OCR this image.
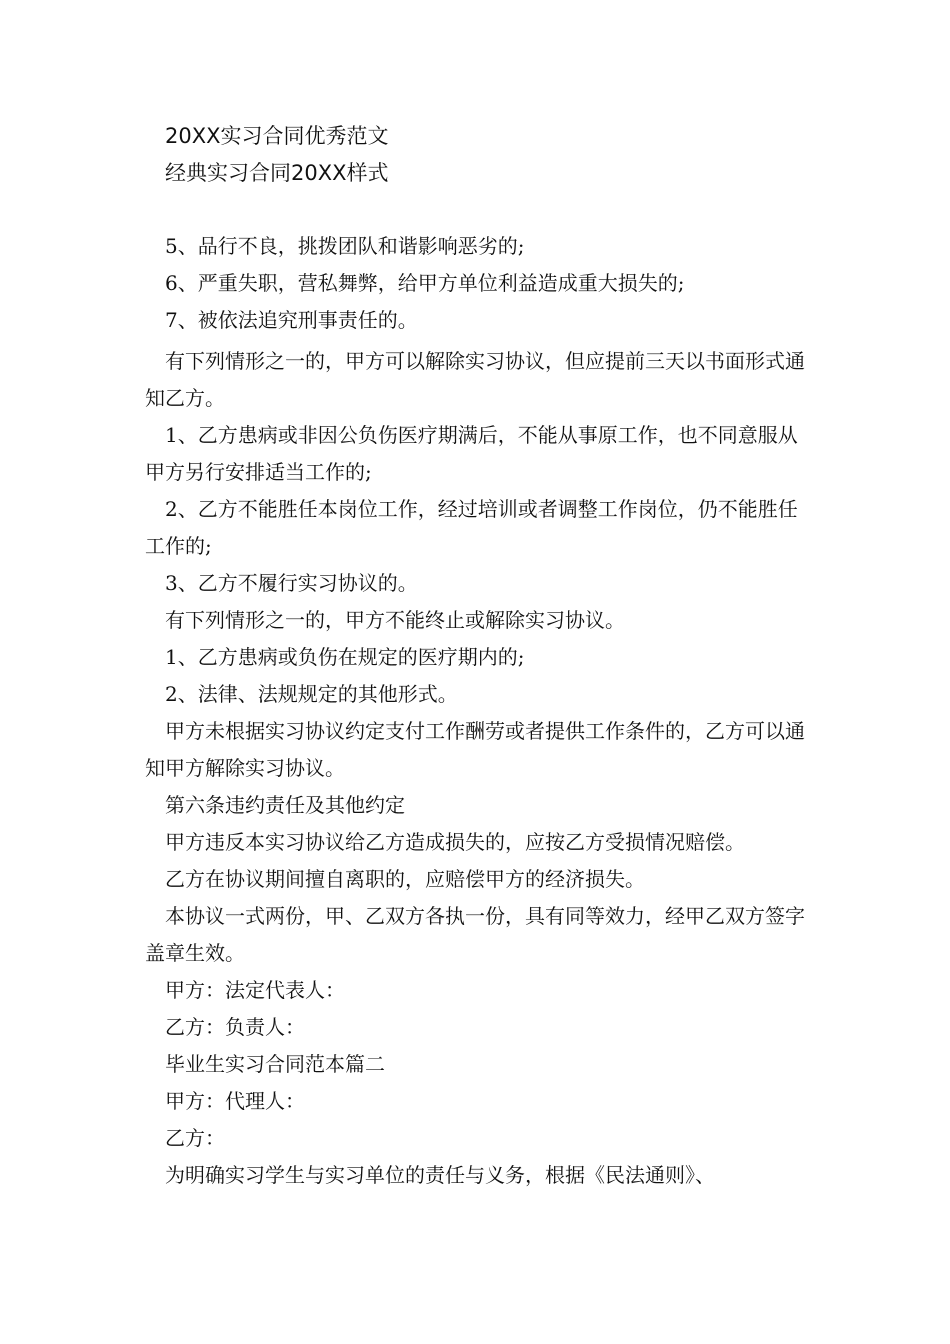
20XX实习合同优秀范文
经典实习合同20XX样式

5、品行不良，挑拨团队和谐影响恶劣的;

6、严重失职，营私舞弊，给甲方单位利益造成重大损失的;

7、被依法追究刑事责任的。

有下列情形之一的，甲方可以解除实习协议，但应提前三天以书面形式通知乙方。

1、乙方患病或非因公负伤医疗期满后，不能从事原工作，也不同意服从甲方另行安排适当工作的;

2、乙方不能胜任本岗位工作，经过培训或者调整工作岗位，仍不能胜任工作的;

3、乙方不履行实习协议的。

有下列情形之一的，甲方不能终止或解除实习协议。

1、乙方患病或负伤在规定的医疗期内的;

2、法律、法规规定的其他形式。

甲方未根据实习协议约定支付工作酬劳或者提供工作条件的，乙方可以通知甲方解除实习协议。

第六条违约责任及其他约定

甲方违反本实习协议给乙方造成损失的，应按乙方受损情况赔偿。

乙方在协议期间擅自离职的，应赔偿甲方的经济损失。

本协议一式两份，甲、乙双方各执一份，具有同等效力，经甲乙双方签字盖章生效。

甲方：法定代表人：

乙方：负责人：

毕业生实习合同范本篇二

甲方：代理人：

乙方：

为明确实习学生与实习单位的责任与义务，根据《民法通则》、
